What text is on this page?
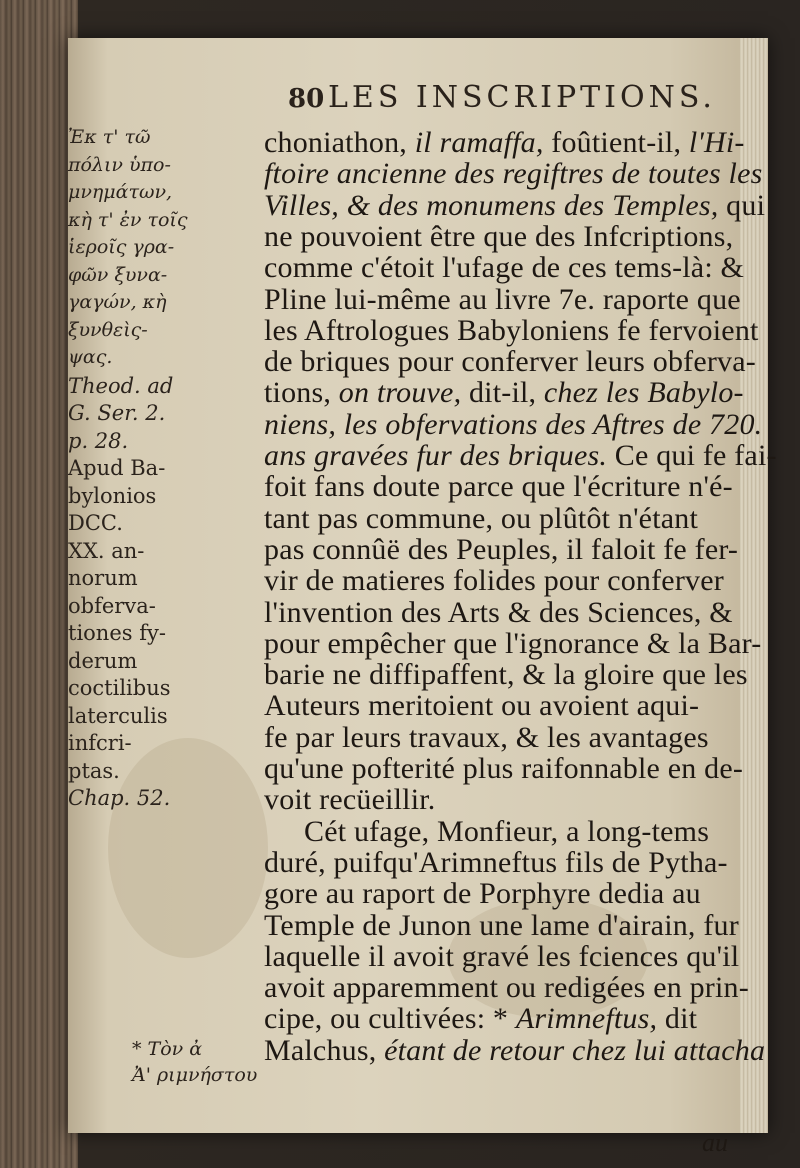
80 LES INSCRIPTIONS.
Ἐκ τ' τῶ
πόλιν ὑπο-
μνημάτων,
κὴ τ' ἐν τοῖς
ἱεροῖς γρα-
φῶν ξυνα-
γαγών, κὴ
ξυνθεὶς-
ψας.
Theod. ad
G. Ser. 2.
p. 28.
Apud Ba-
bylonios
DCC.
XX. an-
norum
obferva-
tiones fy-
derum
coctilibus
laterculis
infcri-
ptas.
Chap. 52.
choniathon, il ramaffa, foûtient-il, l'Hi-
ftoire ancienne des regiftres de toutes les
Villes, & des monumens des Temples, qui
ne pouvoient être que des Infcriptions,
comme c'étoit l'ufage de ces tems-là: &
Pline lui-même au livre 7e. raporte que
les Aftrologues Babyloniens fe fervoient
de briques pour conferver leurs obferva-
tions, on trouve, dit-il, chez les Babylo-
niens, les obfervations des Aftres de 720.
ans gravées fur des briques. Ce qui fe fai-
foit fans doute parce que l'écriture n'é-
tant pas commune, ou plûtôt n'étant
pas connûë des Peuples, il faloit fe fer-
vir de matieres folides pour conferver
l'invention des Arts & des Sciences, &
pour empêcher que l'ignorance & la Bar-
barie ne diffipaffent, & la gloire que les
Auteurs meritoient ou avoient aqui-
fe par leurs travaux, & les avantages
qu'une pofterité plus raifonnable en de-
voit recüeillir.
Cét ufage, Monfieur, a long-tems
duré, puifqu'Arimneftus fils de Pytha-
gore au raport de Porphyre dedia au
Temple de Junon une lame d'airain, fur
laquelle il avoit gravé les fciences qu'il
avoit apparemment ou redigées en prin-
cipe, ou cultivées: * Arimneftus, dit
Malchus, étant de retour chez lui attacha
* Τὸν ἀ
Ἀ' ριμνήστου
au
